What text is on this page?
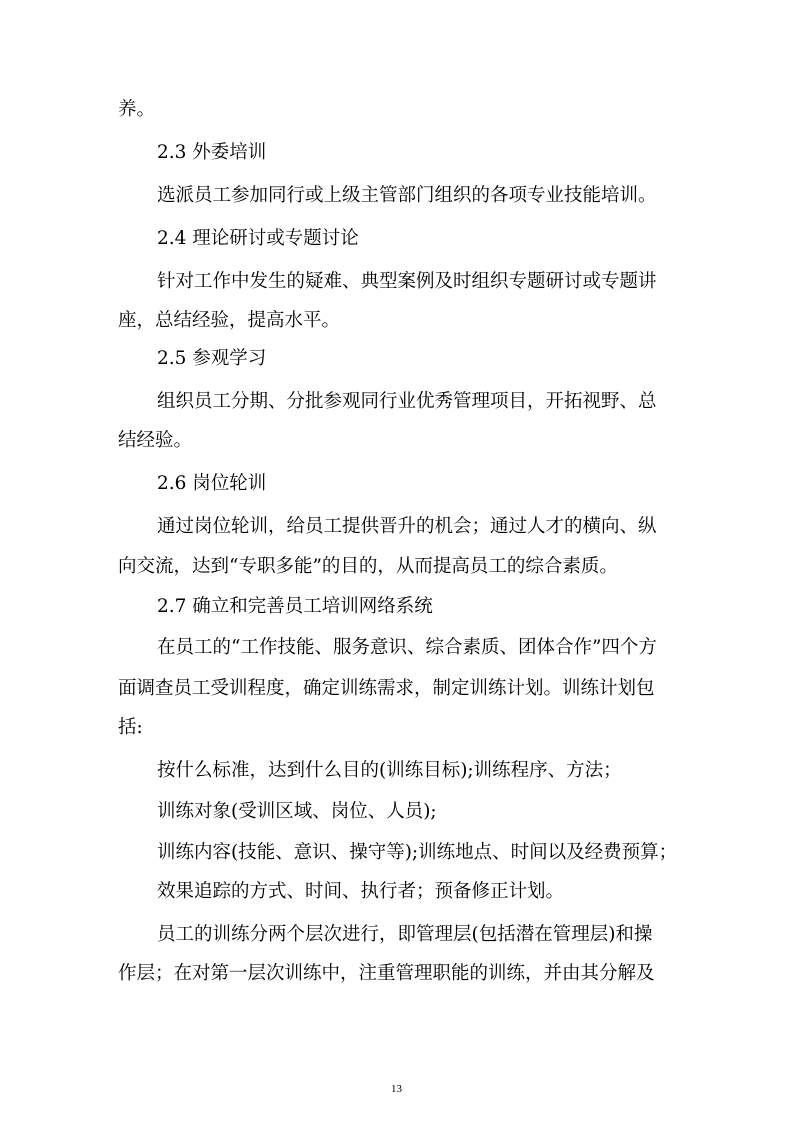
养。

2.3 外委培训

选派员工参加同行或上级主管部门组织的各项专业技能培训。

2.4 理论研讨或专题讨论

针对工作中发生的疑难、典型案例及时组织专题研讨或专题讲

座，总结经验，提高水平。

2.5 参观学习

组织员工分期、分批参观同行业优秀管理项目，开拓视野、总

结经验。

2.6 岗位轮训

通过岗位轮训，给员工提供晋升的机会；通过人才的横向、纵

向交流，达到“专职多能”的目的，从而提高员工的综合素质。

2.7 确立和完善员工培训网络系统

在员工的“工作技能、服务意识、综合素质、团体合作”四个方

面调查员工受训程度，确定训练需求，制定训练计划。训练计划包

括:

按什么标准，达到什么目的(训练目标);训练程序、方法；

训练对象(受训区域、岗位、人员);

训练内容(技能、意识、操守等);训练地点、时间以及经费预算；

效果追踪的方式、时间、执行者；预备修正计划。

员工的训练分两个层次进行，即管理层(包括潜在管理层)和操

作层；在对第一层次训练中，注重管理职能的训练，并由其分解及

13
